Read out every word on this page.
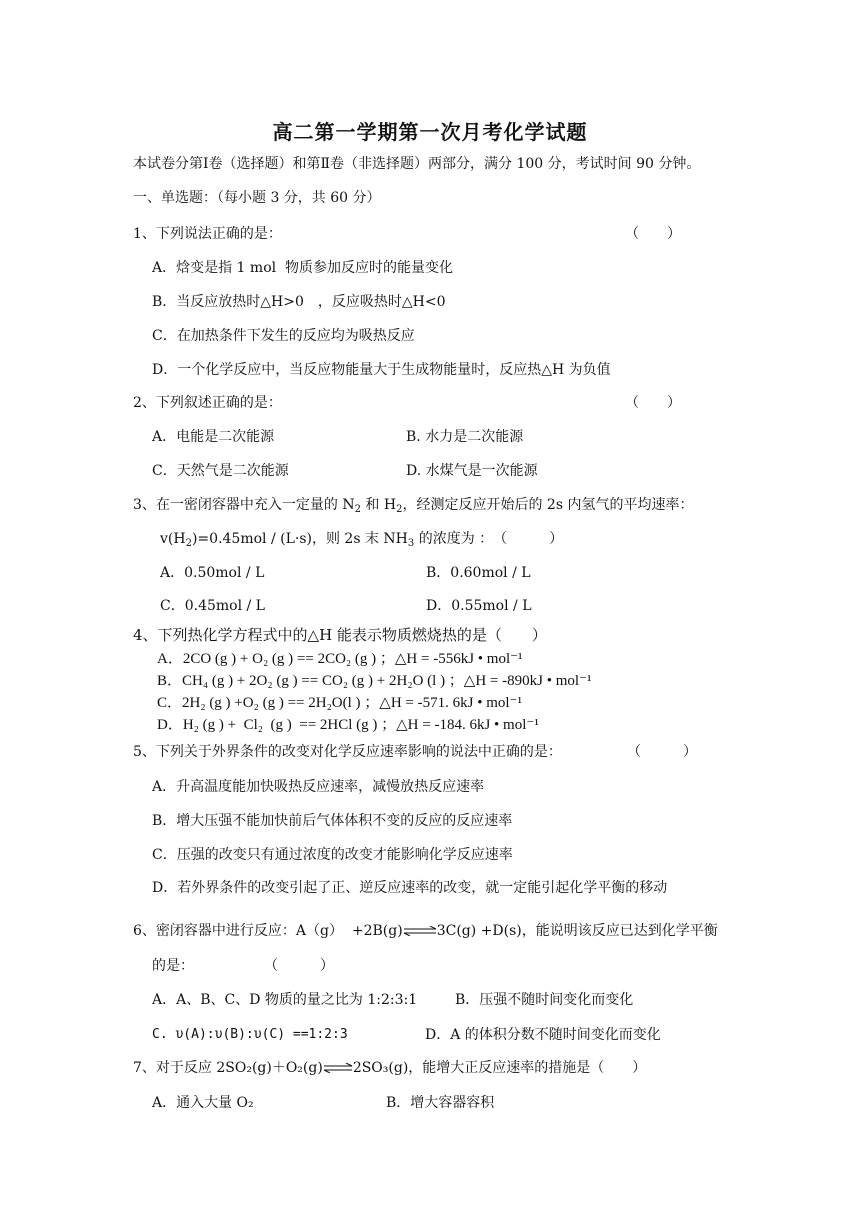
高二第一学期第一次月考化学试题
本试卷分第Ⅰ卷（选择题）和第Ⅱ卷（非选择题）两部分，满分 100 分，考试时间 90 分钟。
一、单选题：（每小题 3 分，共 60 分）
1、下列说法正确的是：	（　　）
A．焓变是指 1 mol  物质参加反应时的能量变化
B．当反应放热时△H>0　，反应吸热时△H<0
C．在加热条件下发生的反应均为吸热反应
D．一个化学反应中，当反应物能量大于生成物能量时，反应热△H 为负值
2、下列叙述正确的是：	（　　）
A．电能是二次能源	B. 水力是二次能源
C．天然气是二次能源	D. 水煤气是一次能源
3、在一密闭容器中充入一定量的 $N_2$ 和 $H_2$，经测定反应开始后的 2s 内氢气的平均速率：
$v(H_2)=0.45mol / (L\cdot s)$，则 2s 末 $NH_3$ 的浓度为 ：　（　　　）
A．0.50mol / L	B．0.60mol / L
C．0.45mol / L	D．0.55mol / L
4、下列热化学方程式中的△H 能表示物质燃烧热的是（　　）
A．2CO (g ) + O₂ (g ) == 2CO₂ (g ) ；△H = -556kJ • mol⁻¹
B．CH₄ (g ) + 2O₂ (g ) == CO₂ (g ) + 2H₂O (l ) ；△H = -890kJ • mol⁻¹
C．2H₂ (g ) +O₂ (g ) == 2H₂O(l ) ；△H = -571. 6kJ • mol⁻¹
D．H₂ (g ) +  Cl₂  (g )  == 2HCl (g ) ；△H = -184. 6kJ • mol⁻¹
5、下列关于外界条件的改变对化学反应速率影响的说法中正确的是：	（　　　）
A．升高温度能加快吸热反应速率，减慢放热反应速率
B．增大压强不能加快前后气体体积不变的反应的反应速率
C．压强的改变只有通过浓度的改变才能影响化学反应速率
D．若外界条件的改变引起了正、逆反应速率的改变，就一定能引起化学平衡的移动
6、密闭容器中进行反应：A（g）  +2B(g)⇌3C(g) +D(s)，能说明该反应已达到化学平衡
的是：　　　　　　（　　　）
A．A、B、C、D 物质的量之比为 1:2:3:1	B．压强不随时间变化而变化
C. υ(A):υ(B):υ(C) ==1:2:3	D．A 的体积分数不随时间变化而变化
7、对于反应 2SO₂(g)＋O₂(g)⇌2SO₃(g)，能增大正反应速率的措施是（　　）
A．通入大量 O₂	B．增大容器容积
